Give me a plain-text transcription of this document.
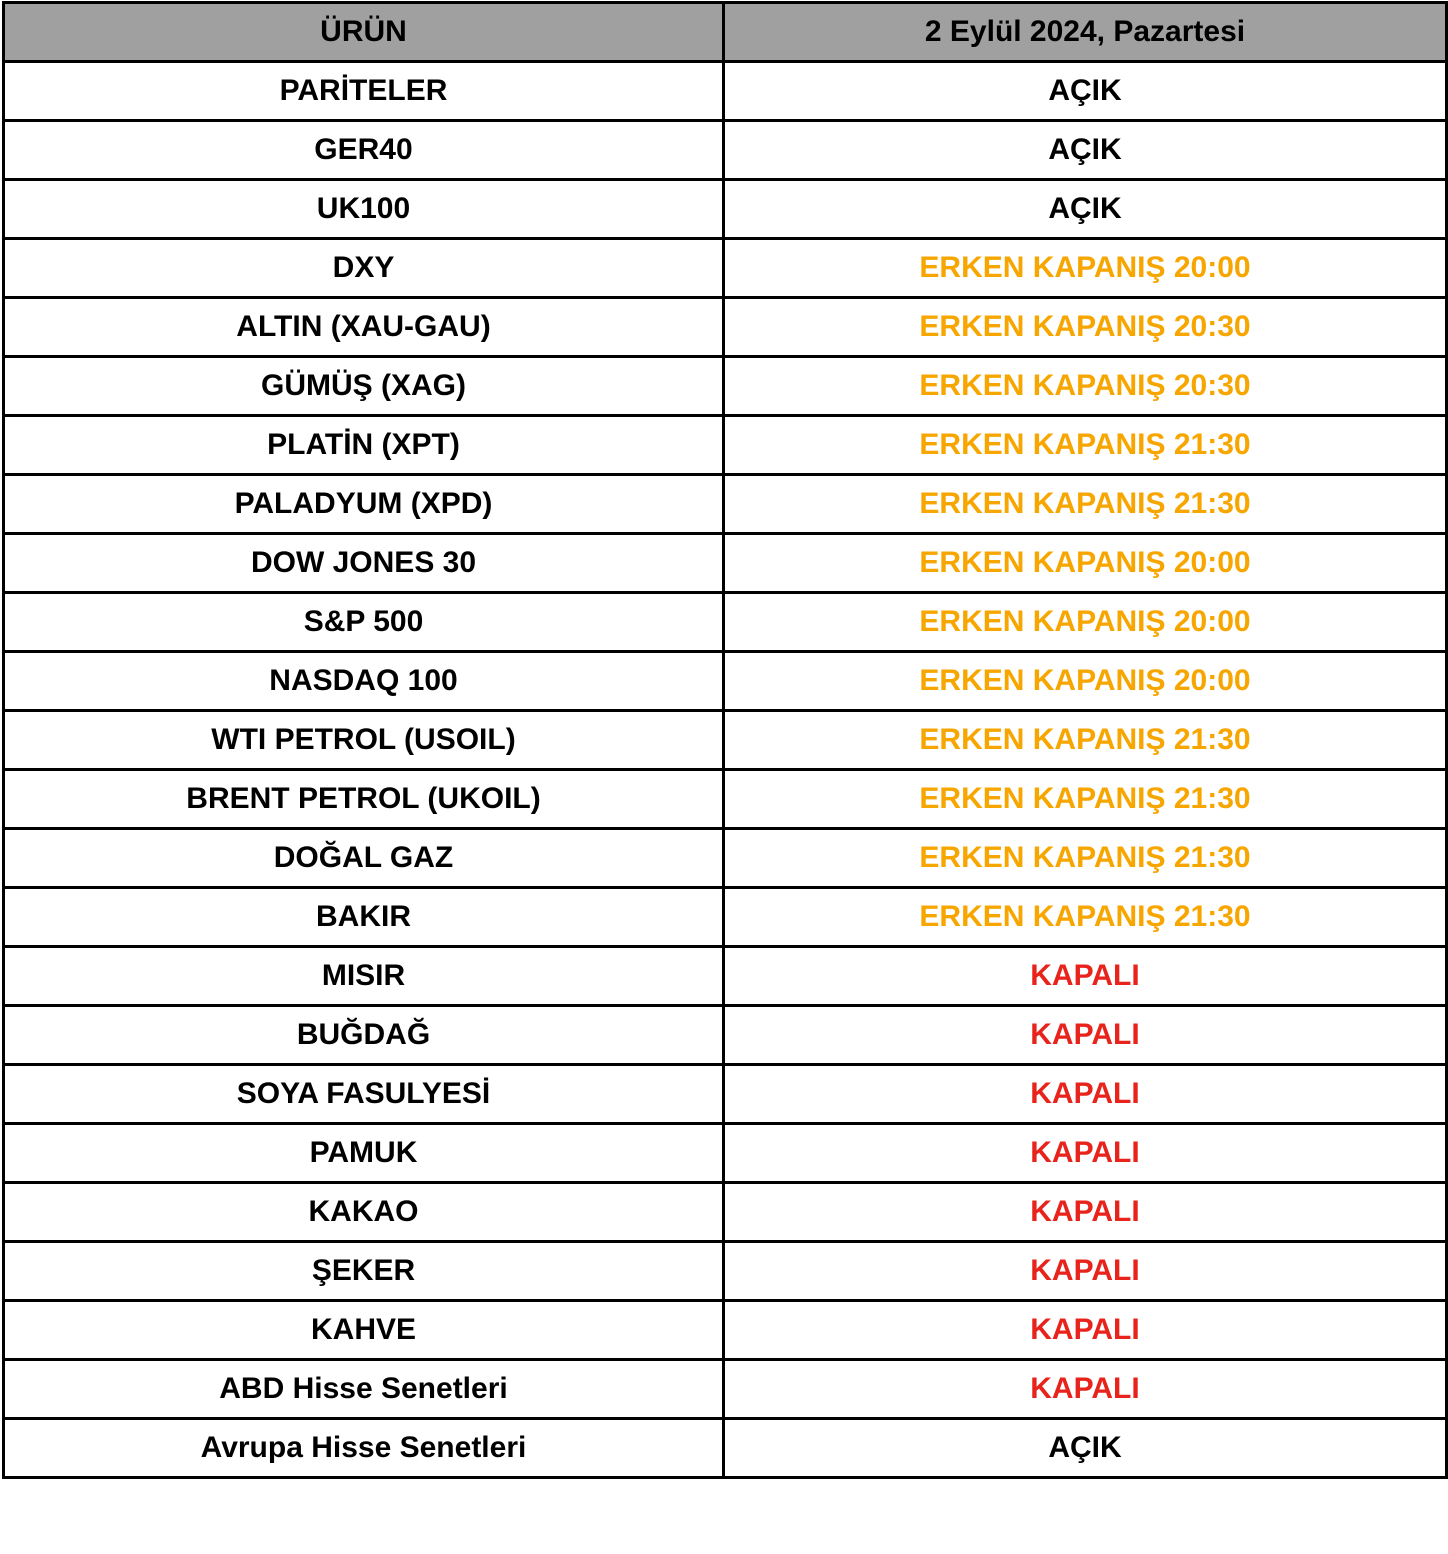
ÜRÜN	2 Eylül 2024, Pazartesi
PARİTELER	AÇIK
GER40	AÇIK
UK100	AÇIK
DXY	ERKEN KAPANIŞ 20:00
ALTIN (XAU-GAU)	ERKEN KAPANIŞ 20:30
GÜMÜŞ (XAG)	ERKEN KAPANIŞ 20:30
PLATİN (XPT)	ERKEN KAPANIŞ 21:30
PALADYUM (XPD)	ERKEN KAPANIŞ 21:30
DOW JONES 30	ERKEN KAPANIŞ 20:00
S&P 500	ERKEN KAPANIŞ 20:00
NASDAQ 100	ERKEN KAPANIŞ 20:00
WTI PETROL (USOIL)	ERKEN KAPANIŞ 21:30
BRENT PETROL (UKOIL)	ERKEN KAPANIŞ 21:30
DOĞAL GAZ	ERKEN KAPANIŞ 21:30
BAKIR	ERKEN KAPANIŞ 21:30
MISIR	KAPALI
BUĞDAĞ	KAPALI
SOYA FASULYESİ	KAPALI
PAMUK	KAPALI
KAKAO	KAPALI
ŞEKER	KAPALI
KAHVE	KAPALI
ABD Hisse Senetleri	KAPALI
Avrupa Hisse Senetleri	AÇIK
